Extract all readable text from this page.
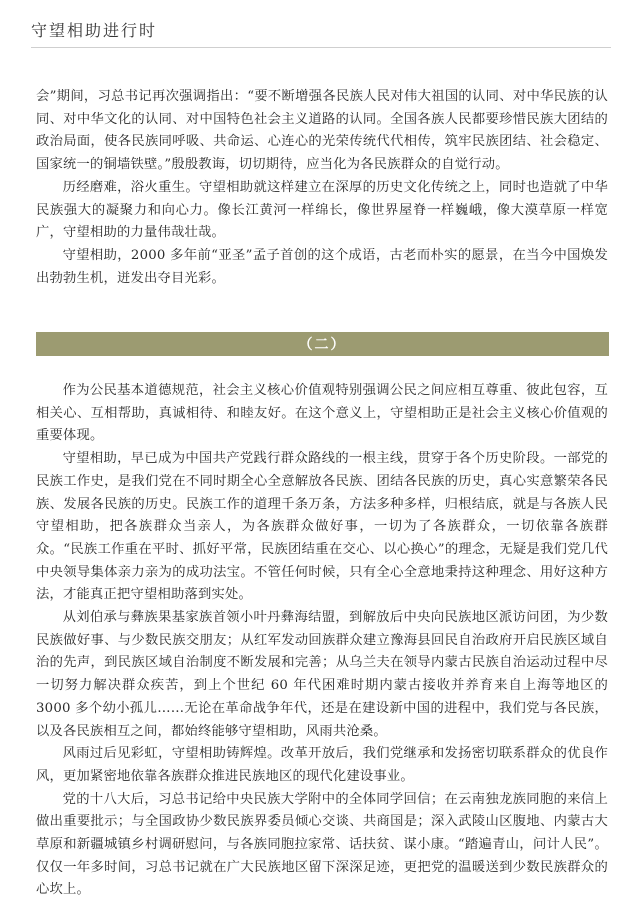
守望相助进行时

会”期间，习总书记再次强调指出：“要不断增强各民族人民对伟大祖国的认同、对中华民族的认同、对中华文化的认同、对中国特色社会主义道路的认同。全国各族人民都要珍惜民族大团结的政治局面，使各民族同呼吸、共命运、心连心的光荣传统代代相传，筑牢民族团结、社会稳定、国家统一的铜墙铁壁。”殷殷教诲，切切期待，应当化为各民族群众的自觉行动。

历经磨难，浴火重生。守望相助就这样建立在深厚的历史文化传统之上，同时也造就了中华民族强大的凝聚力和向心力。像长江黄河一样绵长，像世界屋脊一样巍峨，像大漠草原一样宽广，守望相助的力量伟哉壮哉。

守望相助，2000 多年前“亚圣”孟子首创的这个成语，古老而朴实的愿景，在当今中国焕发出勃勃生机，迸发出夺目光彩。

（二）

作为公民基本道德规范，社会主义核心价值观特别强调公民之间应相互尊重、彼此包容，互相关心、互相帮助，真诚相待、和睦友好。在这个意义上，守望相助正是社会主义核心价值观的重要体现。

守望相助，早已成为中国共产党践行群众路线的一根主线，贯穿于各个历史阶段。一部党的民族工作史，是我们党在不同时期全心全意解放各民族、团结各民族的历史，真心实意繁荣各民族、发展各民族的历史。民族工作的道理千条万条，方法多种多样，归根结底，就是与各族人民守望相助，把各族群众当亲人，为各族群众做好事，一切为了各族群众，一切依靠各族群众。“民族工作重在平时、抓好平常，民族团结重在交心、以心换心”的理念，无疑是我们党几代中央领导集体亲力亲为的成功法宝。不管任何时候，只有全心全意地秉持这种理念、用好这种方法，才能真正把守望相助落到实处。

从刘伯承与彝族果基家族首领小叶丹彝海结盟，到解放后中央向民族地区派访问团，为少数民族做好事、与少数民族交朋友；从红军发动回族群众建立豫海县回民自治政府开启民族区域自治的先声，到民族区域自治制度不断发展和完善；从乌兰夫在领导内蒙古民族自治运动过程中尽一切努力解决群众疾苦，到上个世纪 60 年代困难时期内蒙古接收并养育来自上海等地区的 3000 多个幼小孤儿……无论在革命战争年代，还是在建设新中国的进程中，我们党与各民族，以及各民族相互之间，都始终能够守望相助，风雨共沧桑。

风雨过后见彩虹，守望相助铸辉煌。改革开放后，我们党继承和发扬密切联系群众的优良作风，更加紧密地依靠各族群众推进民族地区的现代化建设事业。

党的十八大后，习总书记给中央民族大学附中的全体同学回信；在云南独龙族同胞的来信上做出重要批示；与全国政协少数民族界委员倾心交谈、共商国是；深入武陵山区腹地、内蒙古大草原和新疆城镇乡村调研慰问，与各族同胞拉家常、话扶贫、谋小康。“踏遍青山，问计人民”。仅仅一年多时间，习总书记就在广大民族地区留下深深足迹，更把党的温暖送到少数民族群众的心坎上。
